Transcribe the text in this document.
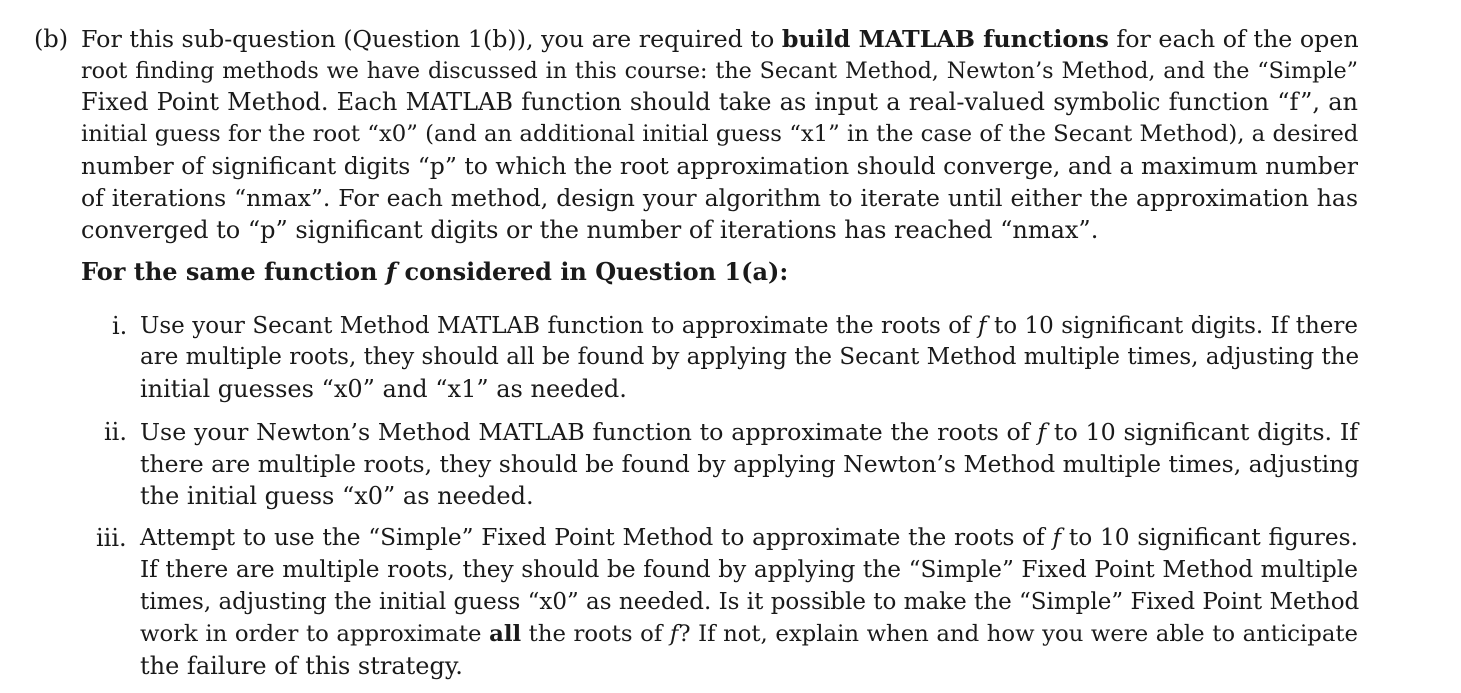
(b) For this sub-question (Question 1(b)), you are required to build MATLAB functions for each of the open
root finding methods we have discussed in this course: the Secant Method, Newton’s Method, and the “Simple”
Fixed Point Method. Each MATLAB function should take as input a real-valued symbolic function “f”, an
initial guess for the root “x0” (and an additional initial guess “x1” in the case of the Secant Method), a desired
number of significant digits “p” to which the root approximation should converge, and a maximum number
of iterations “nmax”. For each method, design your algorithm to iterate until either the approximation has
converged to “p” significant digits or the number of iterations has reached “nmax”.
For the same function f considered in Question 1(a):
i. Use your Secant Method MATLAB function to approximate the roots of f to 10 significant digits. If there
are multiple roots, they should all be found by applying the Secant Method multiple times, adjusting the
initial guesses “x0” and “x1” as needed.
ii. Use your Newton’s Method MATLAB function to approximate the roots of f to 10 significant digits. If
there are multiple roots, they should be found by applying Newton’s Method multiple times, adjusting
the initial guess “x0” as needed.
iii. Attempt to use the “Simple” Fixed Point Method to approximate the roots of f to 10 significant figures.
If there are multiple roots, they should be found by applying the “Simple” Fixed Point Method multiple
times, adjusting the initial guess “x0” as needed. Is it possible to make the “Simple” Fixed Point Method
work in order to approximate all the roots of f? If not, explain when and how you were able to anticipate
the failure of this strategy.
